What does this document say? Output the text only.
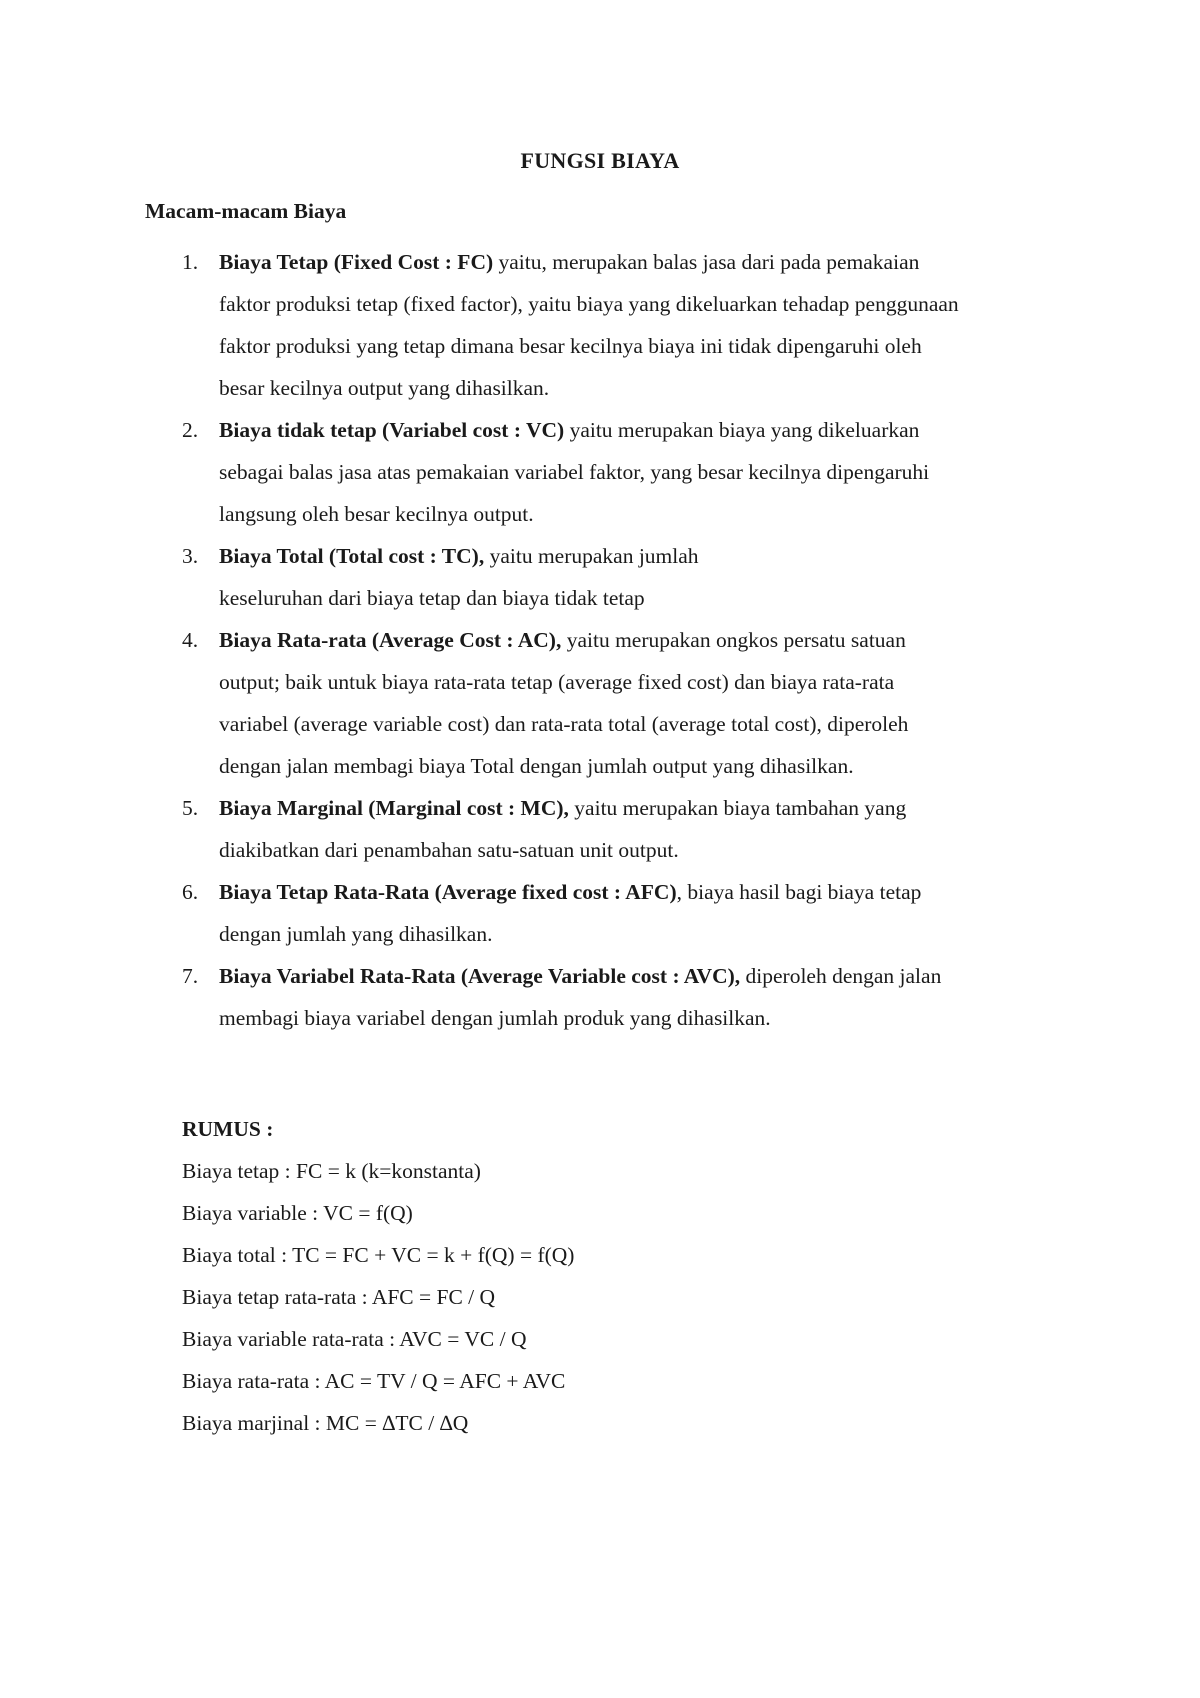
FUNGSI BIAYA
Macam-macam Biaya
1. Biaya Tetap (Fixed Cost : FC) yaitu, merupakan balas jasa dari pada pemakaian
faktor produksi tetap (fixed factor), yaitu biaya yang dikeluarkan tehadap penggunaan
faktor produksi yang tetap dimana besar kecilnya biaya ini tidak dipengaruhi oleh
besar kecilnya output yang dihasilkan.
2. Biaya tidak tetap (Variabel cost : VC) yaitu merupakan biaya yang dikeluarkan
sebagai balas jasa atas pemakaian variabel faktor, yang besar kecilnya dipengaruhi
langsung oleh besar kecilnya output.
3. Biaya Total (Total cost : TC), yaitu merupakan jumlah
keseluruhan dari biaya tetap dan biaya tidak tetap
4. Biaya Rata-rata (Average Cost : AC), yaitu merupakan ongkos persatu satuan
output; baik untuk biaya rata-rata tetap (average fixed cost) dan biaya rata-rata
variabel (average variable cost) dan rata-rata total (average total cost), diperoleh
dengan jalan membagi biaya Total dengan jumlah output yang dihasilkan.
5. Biaya Marginal (Marginal cost : MC), yaitu merupakan biaya tambahan yang
diakibatkan dari penambahan satu-satuan unit output.
6. Biaya Tetap Rata-Rata (Average fixed cost : AFC), biaya hasil bagi biaya tetap
dengan jumlah yang dihasilkan.
7. Biaya Variabel Rata-Rata (Average Variable cost : AVC), diperoleh dengan jalan
membagi biaya variabel dengan jumlah produk yang dihasilkan.
RUMUS :
Biaya tetap : FC = k (k=konstanta)
Biaya variable : VC = f(Q)
Biaya total : TC = FC + VC = k + f(Q) = f(Q)
Biaya tetap rata-rata : AFC = FC / Q
Biaya variable rata-rata : AVC = VC / Q
Biaya rata-rata : AC = TV / Q = AFC + AVC
Biaya marjinal : MC = ∆TC / ∆Q
